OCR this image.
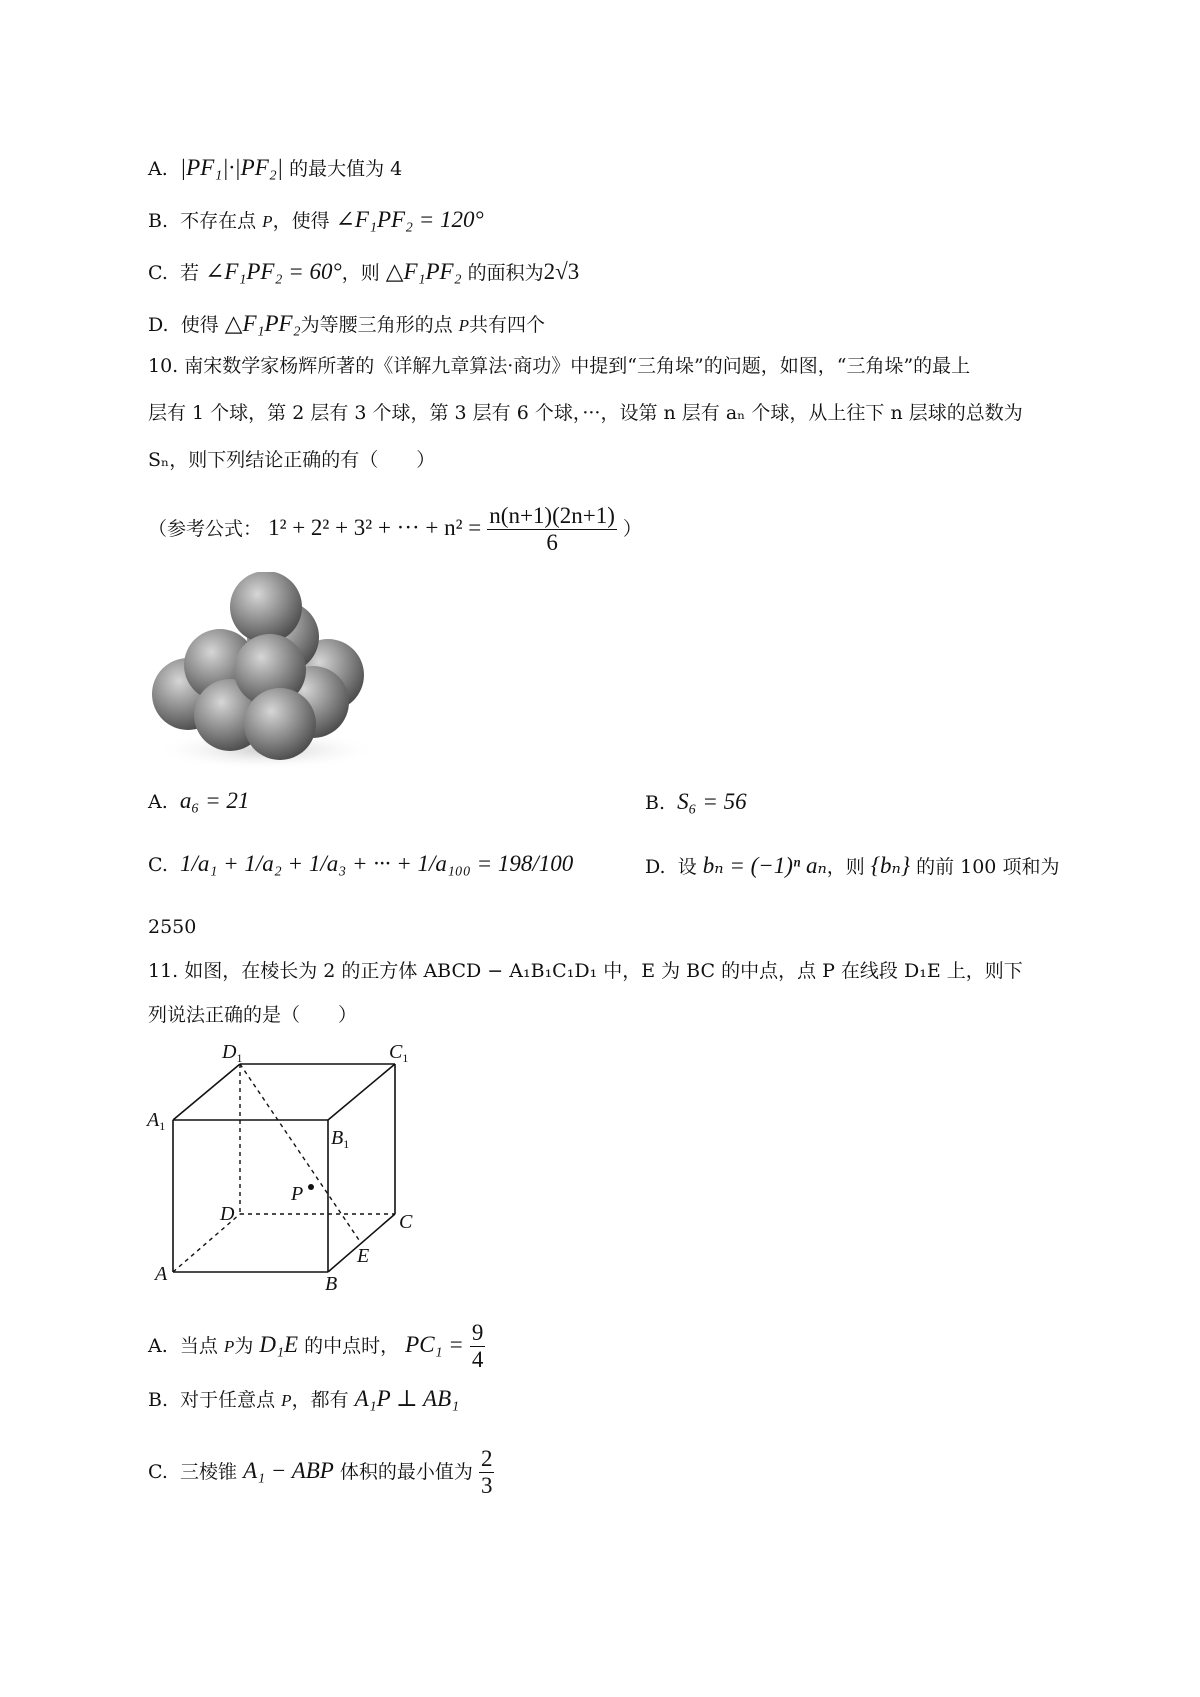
A. |PF₁|·|PF₂| 的最大值为 4
B. 不存在点 P，使得 ∠F₁PF₂ = 120°
C. 若 ∠F₁PF₂ = 60°，则 △F₁PF₂ 的面积为2√3
D. 使得 △F₁PF₂为等腰三角形的点 P共有四个
10. 南宋数学家杨辉所著的《详解九章算法·商功》中提到“三角垛”的问题，如图，“三角垛”的最上
层有 1 个球，第 2 层有 3 个球，第 3 层有 6 个球，···，设第 n 层有 aₙ 个球，从上往下 n 层球的总数为
Sₙ，则下列结论正确的有（　　）
（参考公式： 1² + 2² + 3² + ··· + $n^2 = \frac{n(n+1)(2n+1)}{6}$ ）
A. a₆ = 21	B. S₆ = 56
C. 1/a₁ + 1/a₂ + 1/a₃ + ··· + 1/a₁₀₀ = 198/100	D. 设 bₙ = (−1)ⁿ aₙ，则 {bₙ} 的前 100 项和为
2550
11. 如图，在棱长为 2 的正方体 ABCD − A₁B₁C₁D₁ 中，E 为 BC 的中点，点 P 在线段 D₁E 上，则下
列说法正确的是（　　）
$D_1$	$C_1$
$A_1$
$B_1$
P
D	C
E
A	B
A. 当点 P为 D₁E 的中点时， $PC_1 = \frac{9}{4}$
B. 对于任意点 P，都有 A₁P ⊥ AB₁
C. 三棱锥 A₁ − ABP 体积的最小值为 $\frac{2}{3}$
